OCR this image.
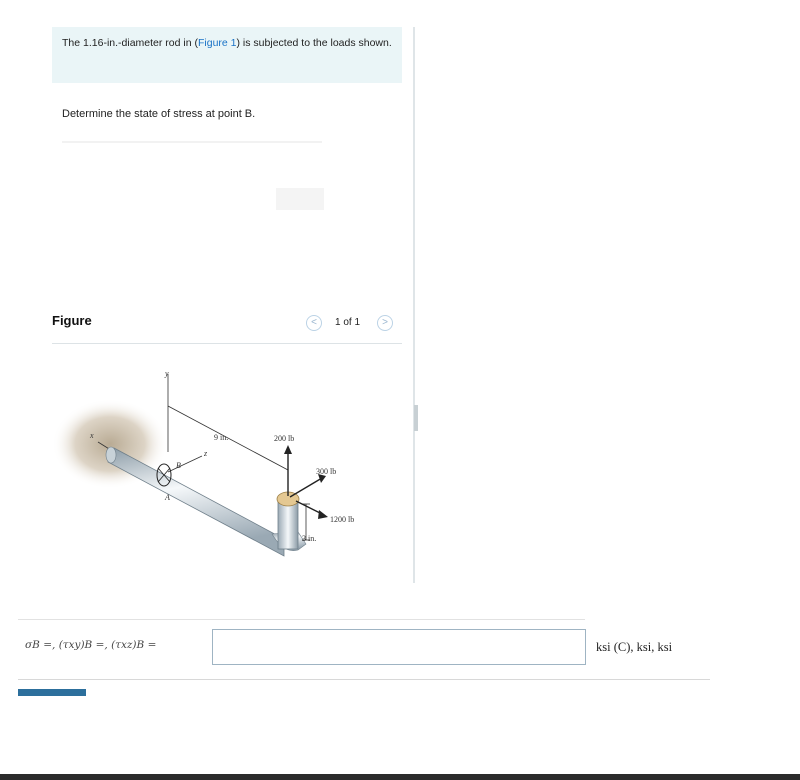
The 1.16-in.-diameter rod in (Figure 1) is subjected to the loads shown.
Determine the state of stress at point B.
Figure	<	1 of 1	>
y
x
z
9 in.
B
A
3 in.
200 lb
300 lb
1200 lb
σB =, (τxy)B =, (τxz)B =	ksi (C), ksi, ksi
